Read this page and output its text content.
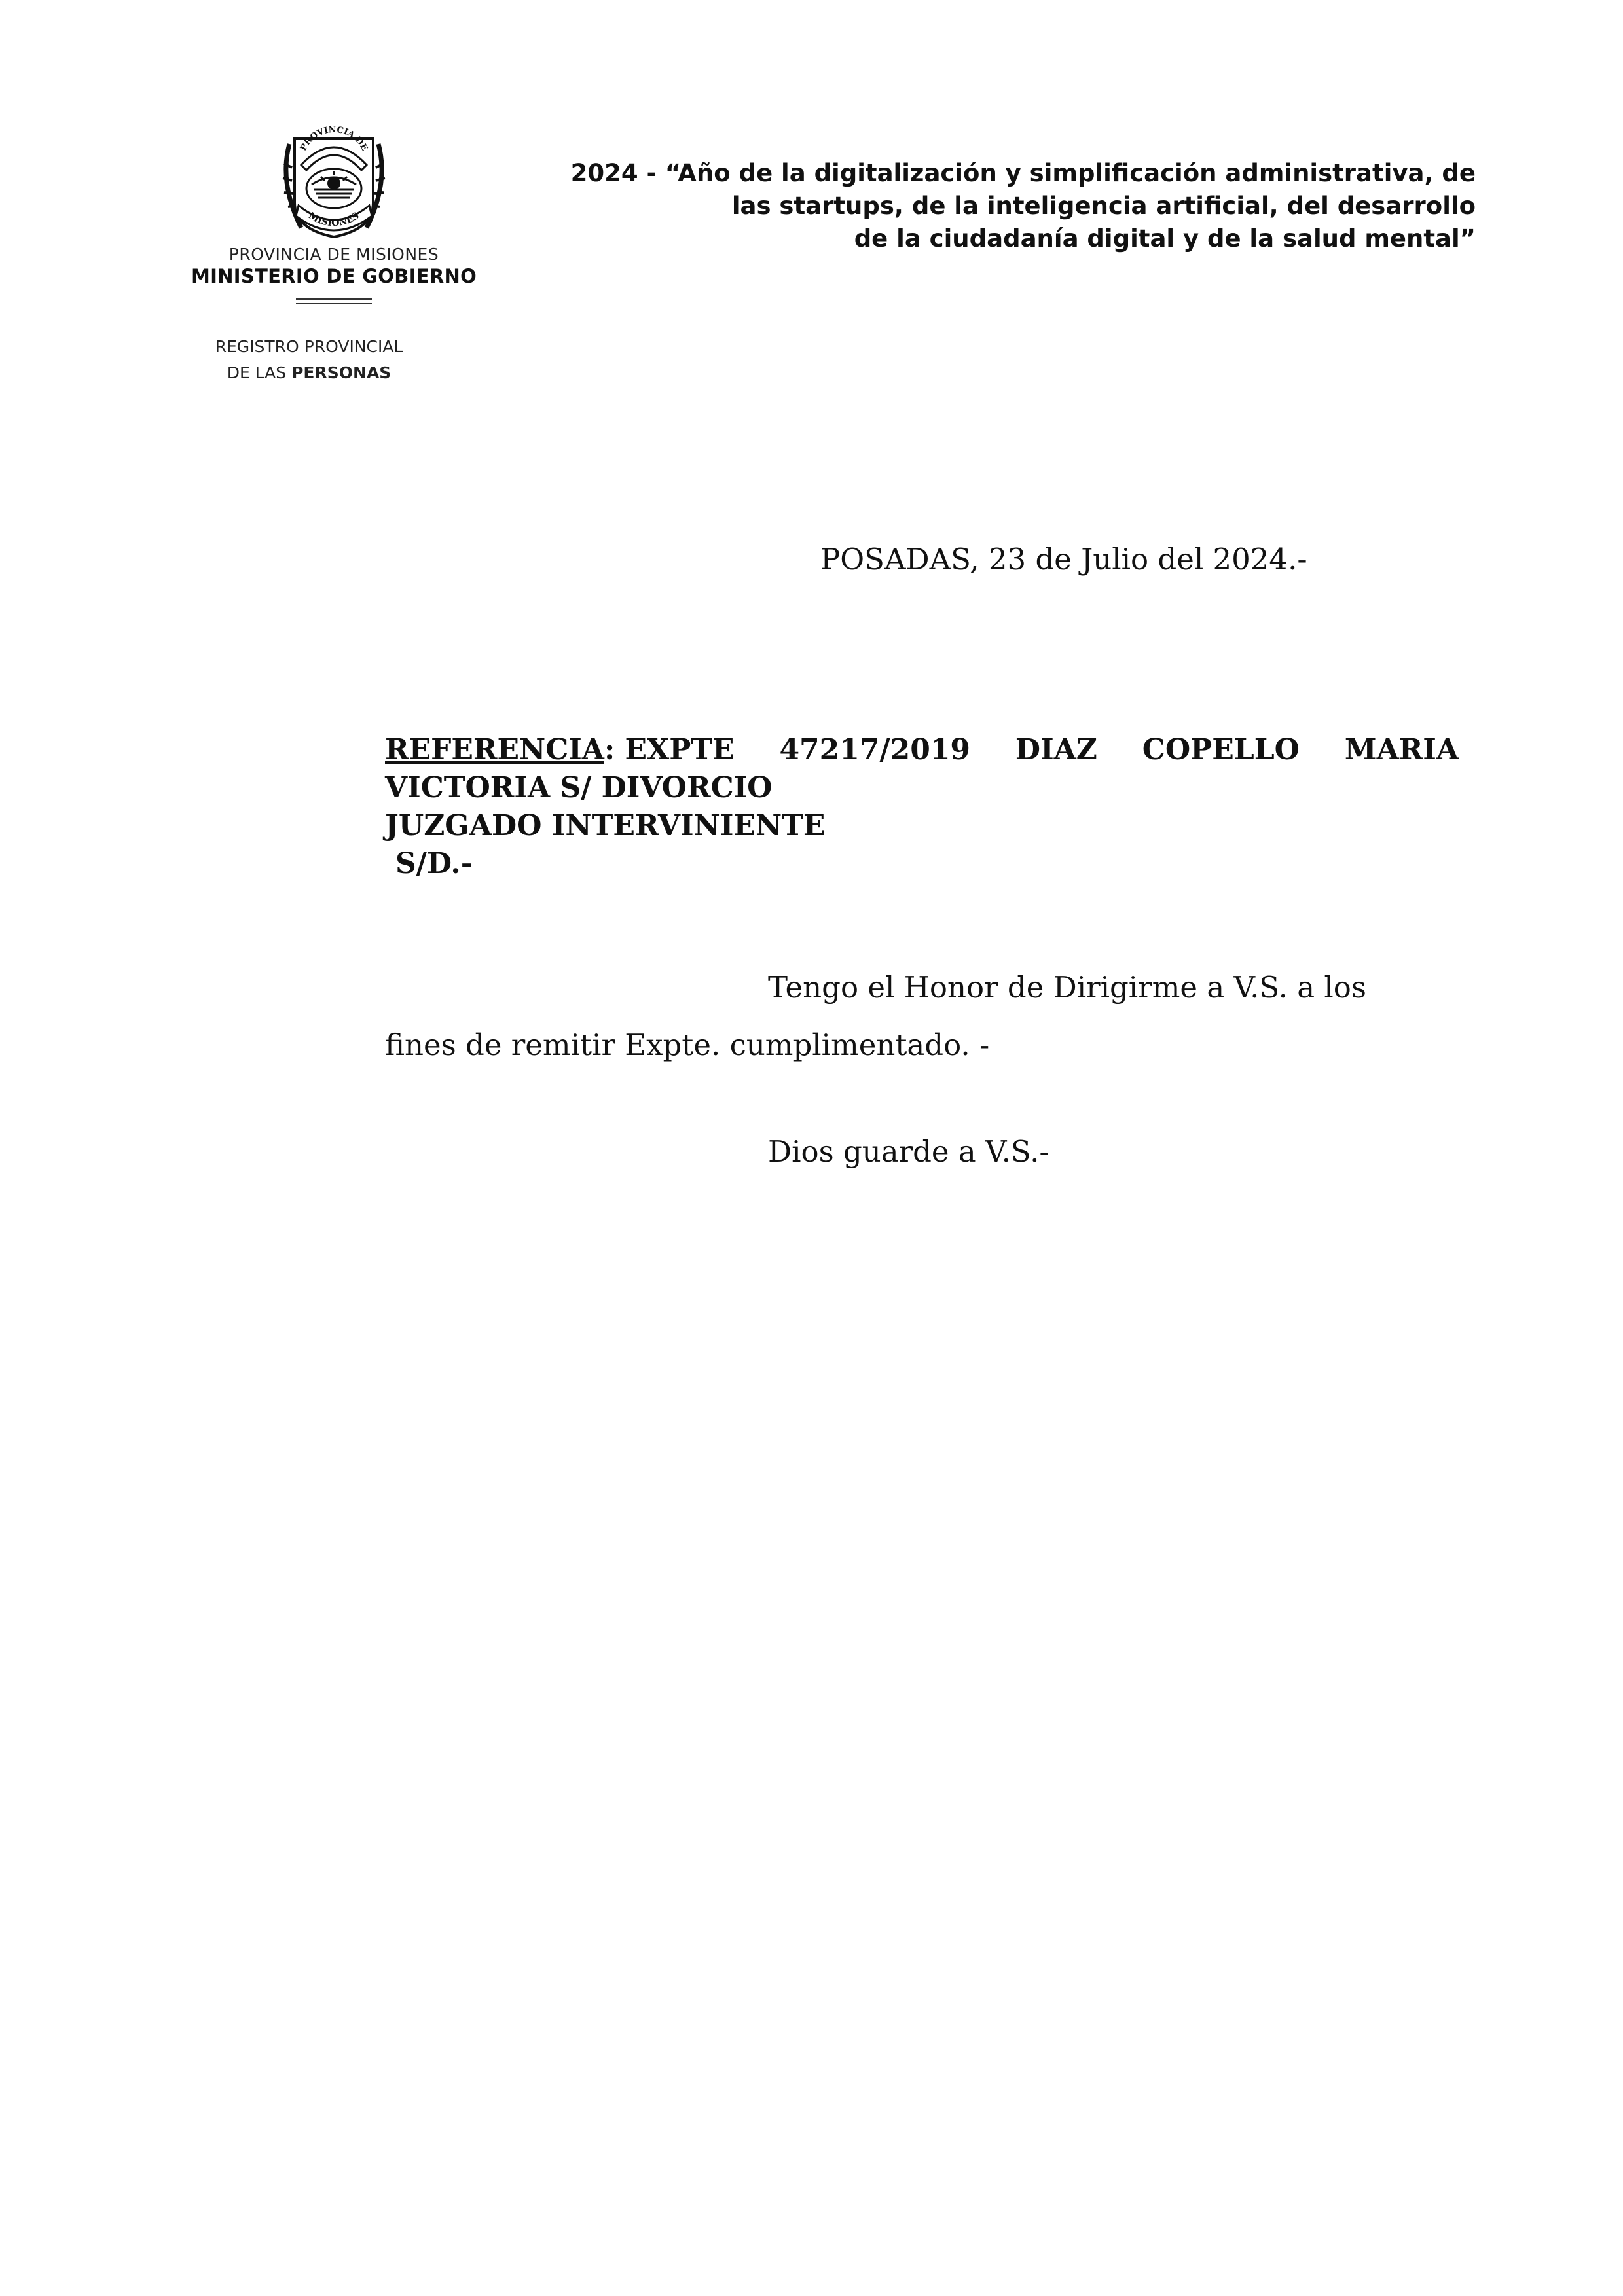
PROVINCIA DE
MISIONES
PROVINCIA DE MISIONES
MINISTERIO DE GOBIERNO
REGISTRO PROVINCIAL
DE LAS PERSONAS
2024 - “Año de la digitalización y simplificación administrativa, de
las startups, de la inteligencia artificial, del desarrollo
de la ciudadanía digital y de la salud mental”
POSADAS, 23 de Julio del 2024.-
REFERENCIA: EXPTE 47217/2019 DIAZ COPELLO MARIA
VICTORIA S/ DIVORCIO
JUZGADO INTERVINIENTE
S/D.-
Tengo el Honor de Dirigirme a V.S. a los
fines de remitir Expte. cumplimentado. -
Dios guarde a V.S.-
